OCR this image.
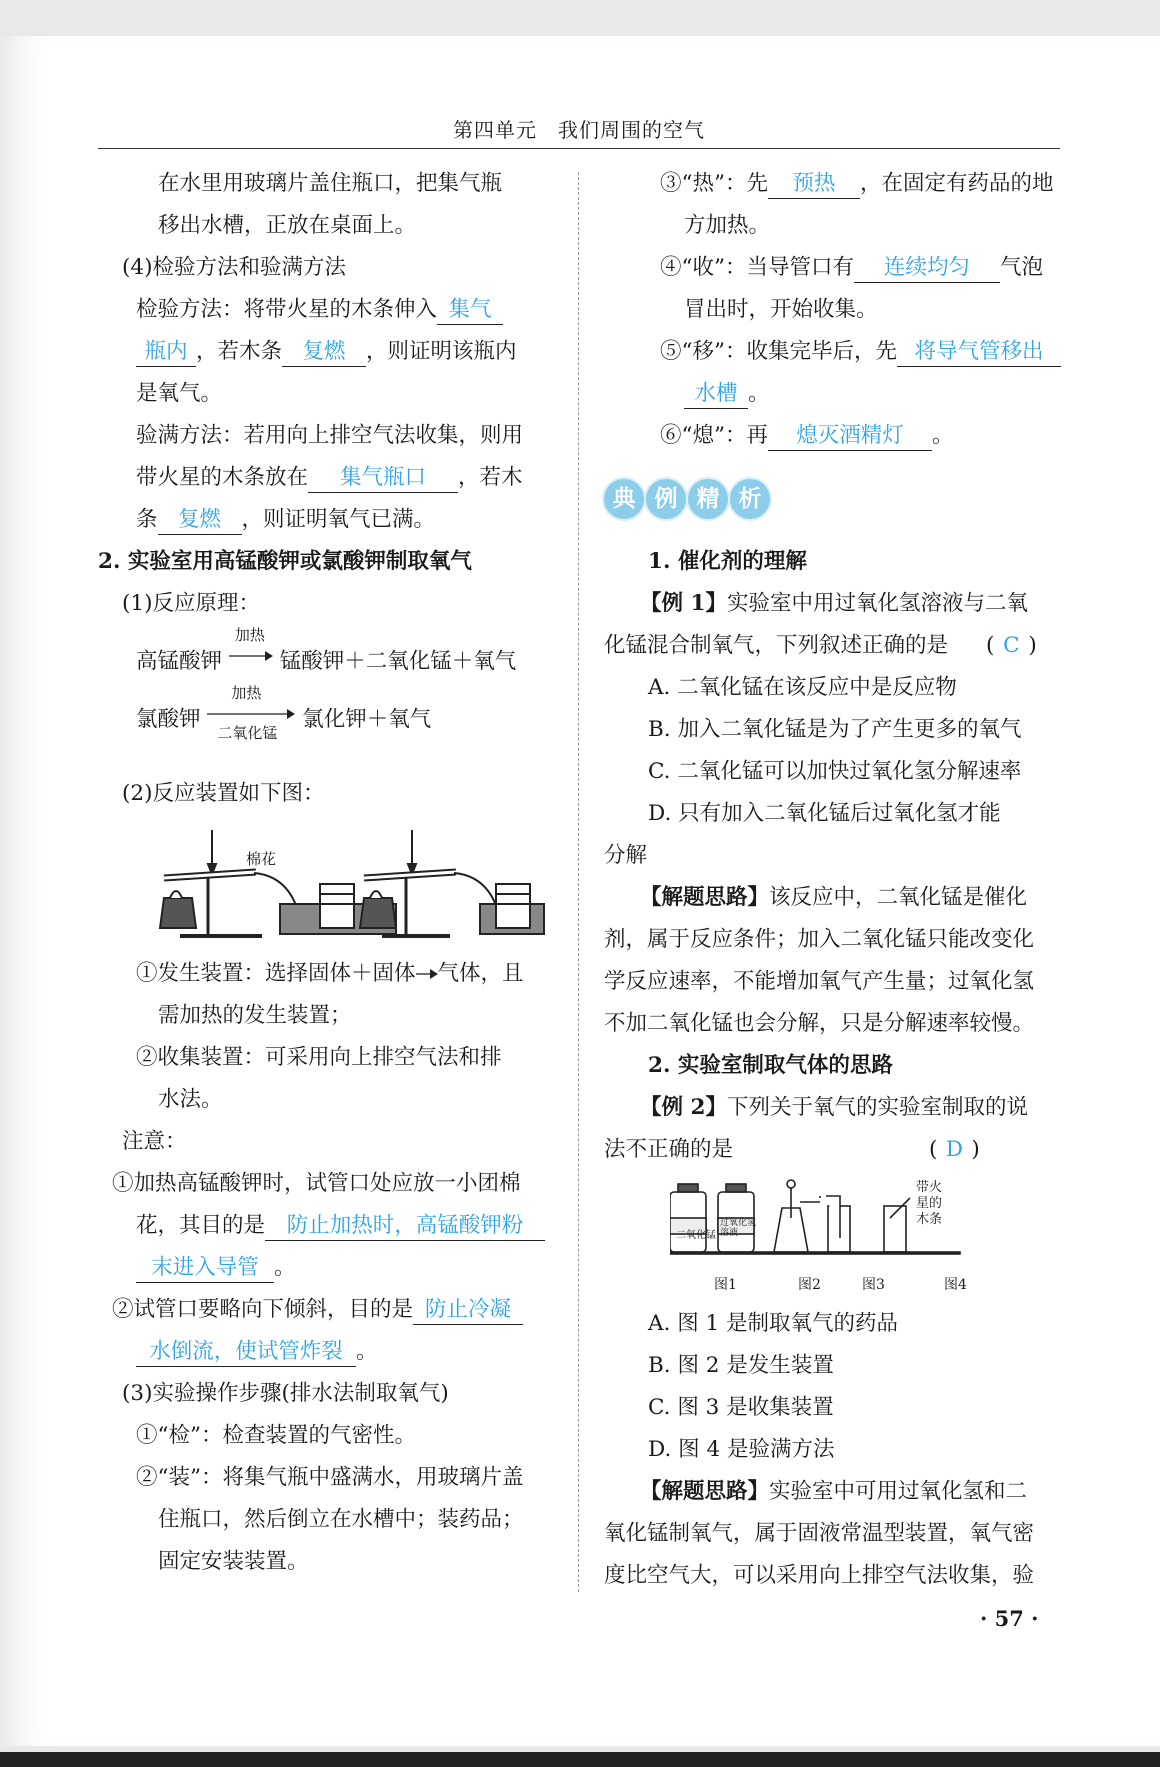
第四单元　我们周围的空气
在水里用玻璃片盖住瓶口，把集气瓶
移出水槽，正放在桌面上。
(4)检验方法和验满方法
检验方法：将带火星的木条伸入 集气
瓶内 ，若木条 复燃 ，则证明该瓶内
是氧气。
验满方法：若用向上排空气法收集，则用
带火星的木条放在 集气瓶口 ，若木
条 复燃 ，则证明氧气已满。
2. 实验室用高锰酸钾或氯酸钾制取氧气
(1)反应原理：
高锰酸钾
加热
锰酸钾＋二氧化锰＋氧气
氯酸钾
加热
二氧化锰
氯化钾＋氧气
(2)反应装置如下图：
棉花
①发生装置：选择固体＋固体 气体，且
需加热的发生装置；
②收集装置：可采用向上排空气法和排
水法。
注意：
①加热高锰酸钾时，试管口处应放一小团棉
花，其目的是 防止加热时，高锰酸钾粉
末进入导管 。
②试管口要略向下倾斜，目的是 防止冷凝
水倒流，使试管炸裂 。
(3)实验操作步骤(排水法制取氧气)
①“检”：检查装置的气密性。
②“装”：将集气瓶中盛满水，用玻璃片盖
住瓶口，然后倒立在水槽中；装药品；
固定安装装置。
③“热”：先 预热 ，在固定有药品的地
方加热。
④“收”：当导管口有 连续均匀 气泡
冒出时，开始收集。
⑤“移”：收集完毕后，先 将导气管移出
水槽 。
⑥“熄”：再 熄灭酒精灯 。
典 例 精 析
1. 催化剂的理解
【例 1】实验室中用过氧化氢溶液与二氧
化锰混合制氧气，下列叙述正确的是 ( C )
A. 二氧化锰在该反应中是反应物
B. 加入二氧化锰是为了产生更多的氧气
C. 二氧化锰可以加快过氧化氢分解速率
D. 只有加入二氧化锰后过氧化氢才能
分解
【解题思路】该反应中，二氧化锰是催化
剂，属于反应条件；加入二氧化锰只能改变化
学反应速率，不能增加氧气产生量；过氧化氢
不加二氧化锰也会分解，只是分解速率较慢。
2. 实验室制取气体的思路
【例 2】下列关于氧气的实验室制取的说
法不正确的是	( D )
二氧化锰
过氧化氢溶液
带火星的木条
图1	图2	图3	图4
A. 图 1 是制取氧气的药品
B. 图 2 是发生装置
C. 图 3 是收集装置
D. 图 4 是验满方法
【解题思路】实验室中可用过氧化氢和二
氧化锰制氧气，属于固液常温型装置，氧气密
度比空气大，可以采用向上排空气法收集，验
· 57 ·
